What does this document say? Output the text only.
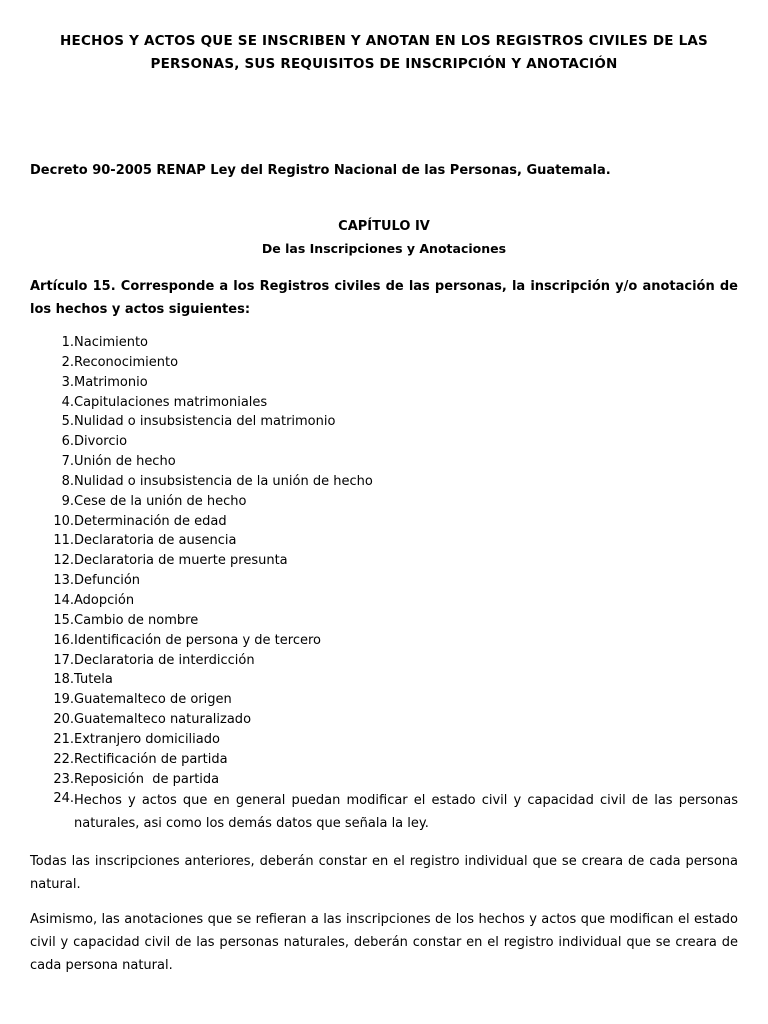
HECHOS Y ACTOS QUE SE INSCRIBEN Y ANOTAN EN LOS REGISTROS CIVILES DE LAS
PERSONAS, SUS REQUISITOS DE INSCRIPCIÓN Y ANOTACIÓN
Decreto 90-2005 RENAP Ley del Registro Nacional de las Personas, Guatemala.
CAPÍTULO IV
De las Inscripciones y Anotaciones
Artículo 15. Corresponde a los Registros civiles de las personas, la inscripción y/o anotación de los hechos y actos siguientes:
1. Nacimiento
2. Reconocimiento
3. Matrimonio
4. Capitulaciones matrimoniales
5. Nulidad o insubsistencia del matrimonio
6. Divorcio
7. Unión de hecho
8. Nulidad o insubsistencia de la unión de hecho
9. Cese de la unión de hecho
10. Determinación de edad
11. Declaratoria de ausencia
12. Declaratoria de muerte presunta
13. Defunción
14. Adopción
15. Cambio de nombre
16. Identificación de persona y de tercero
17. Declaratoria de interdicción
18. Tutela
19. Guatemalteco de origen
20. Guatemalteco naturalizado
21. Extranjero domiciliado
22. Rectificación de partida
23. Reposición  de partida
24. Hechos y actos que en general puedan modificar el estado civil y capacidad civil de las personas naturales, asi como los demás datos que señala la ley.

Todas las inscripciones anteriores, deberán constar en el registro individual que se creara de cada persona natural.

Asimismo, las anotaciones que se refieran a las inscripciones de los hechos y actos que modifican el estado civil y capacidad civil de las personas naturales, deberán constar en el registro individual que se creara de cada persona natural.
